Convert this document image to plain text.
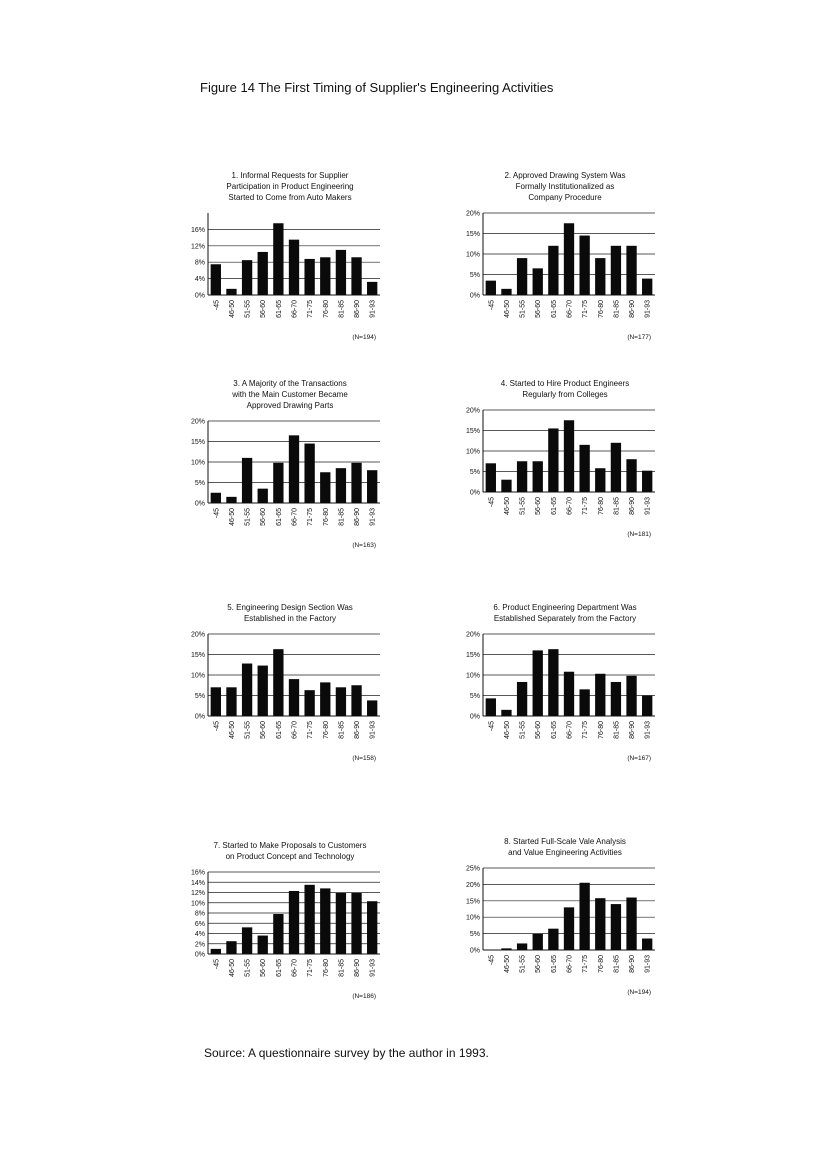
Figure 14 The First Timing of Supplier's Engineering Activities
1. Informal Requests for Supplier
Participation in Product Engineering
Started to Come from Auto Makers
0%
4%
8%
12%
16%
-45 46-50 51-55 56-60 61-65 66-70 71-75 76-80 81-85 86-90 91-93
(N=194)
2. Approved Drawing System Was
Formally Institutionalized as
Company Procedure
0%
5%
10%
15%
20%
-45 46-50 51-55 56-60 61-65 66-70 71-75 76-80 81-85 86-90 91-93
(N=177)
3. A Majority of the Transactions
with the Main Customer Became
Approved Drawing Parts
0%
5%
10%
15%
20%
-45 46-50 51-55 56-60 61-65 66-70 71-75 76-80 81-85 86-90 91-93
(N=163)
4. Started to Hire Product Engineers
Regularly from Colleges
0%
5%
10%
15%
20%
-45 46-50 51-55 56-60 61-65 66-70 71-75 76-80 81-85 86-90 91-93
(N=181)
5. Engineering Design Section Was
Established in the Factory
0%
5%
10%
15%
20%
-45 46-50 51-55 56-60 61-65 66-70 71-75 76-80 81-85 86-90 91-93
(N=158)
6. Product Engineering Department Was
Established Separately from the Factory
0%
5%
10%
15%
20%
-45 46-50 51-55 56-60 61-65 66-70 71-75 76-80 81-85 86-90 91-93
(N=167)
7. Started to Make Proposals to Customers
on Product Concept and Technology
0%
2%
4%
6%
8%
10%
12%
14%
16%
-45 46-50 51-55 56-60 61-65 66-70 71-75 76-80 81-85 86-90 91-93
(N=186)
8. Started Full-Scale Vale Analysis
and Value Engineering Activities
0%
5%
10%
15%
20%
25%
-45 46-50 51-55 56-60 61-65 66-70 71-75 76-80 81-85 86-90 91-93
(N=194)
Source: A questionnaire survey by the author in 1993.
